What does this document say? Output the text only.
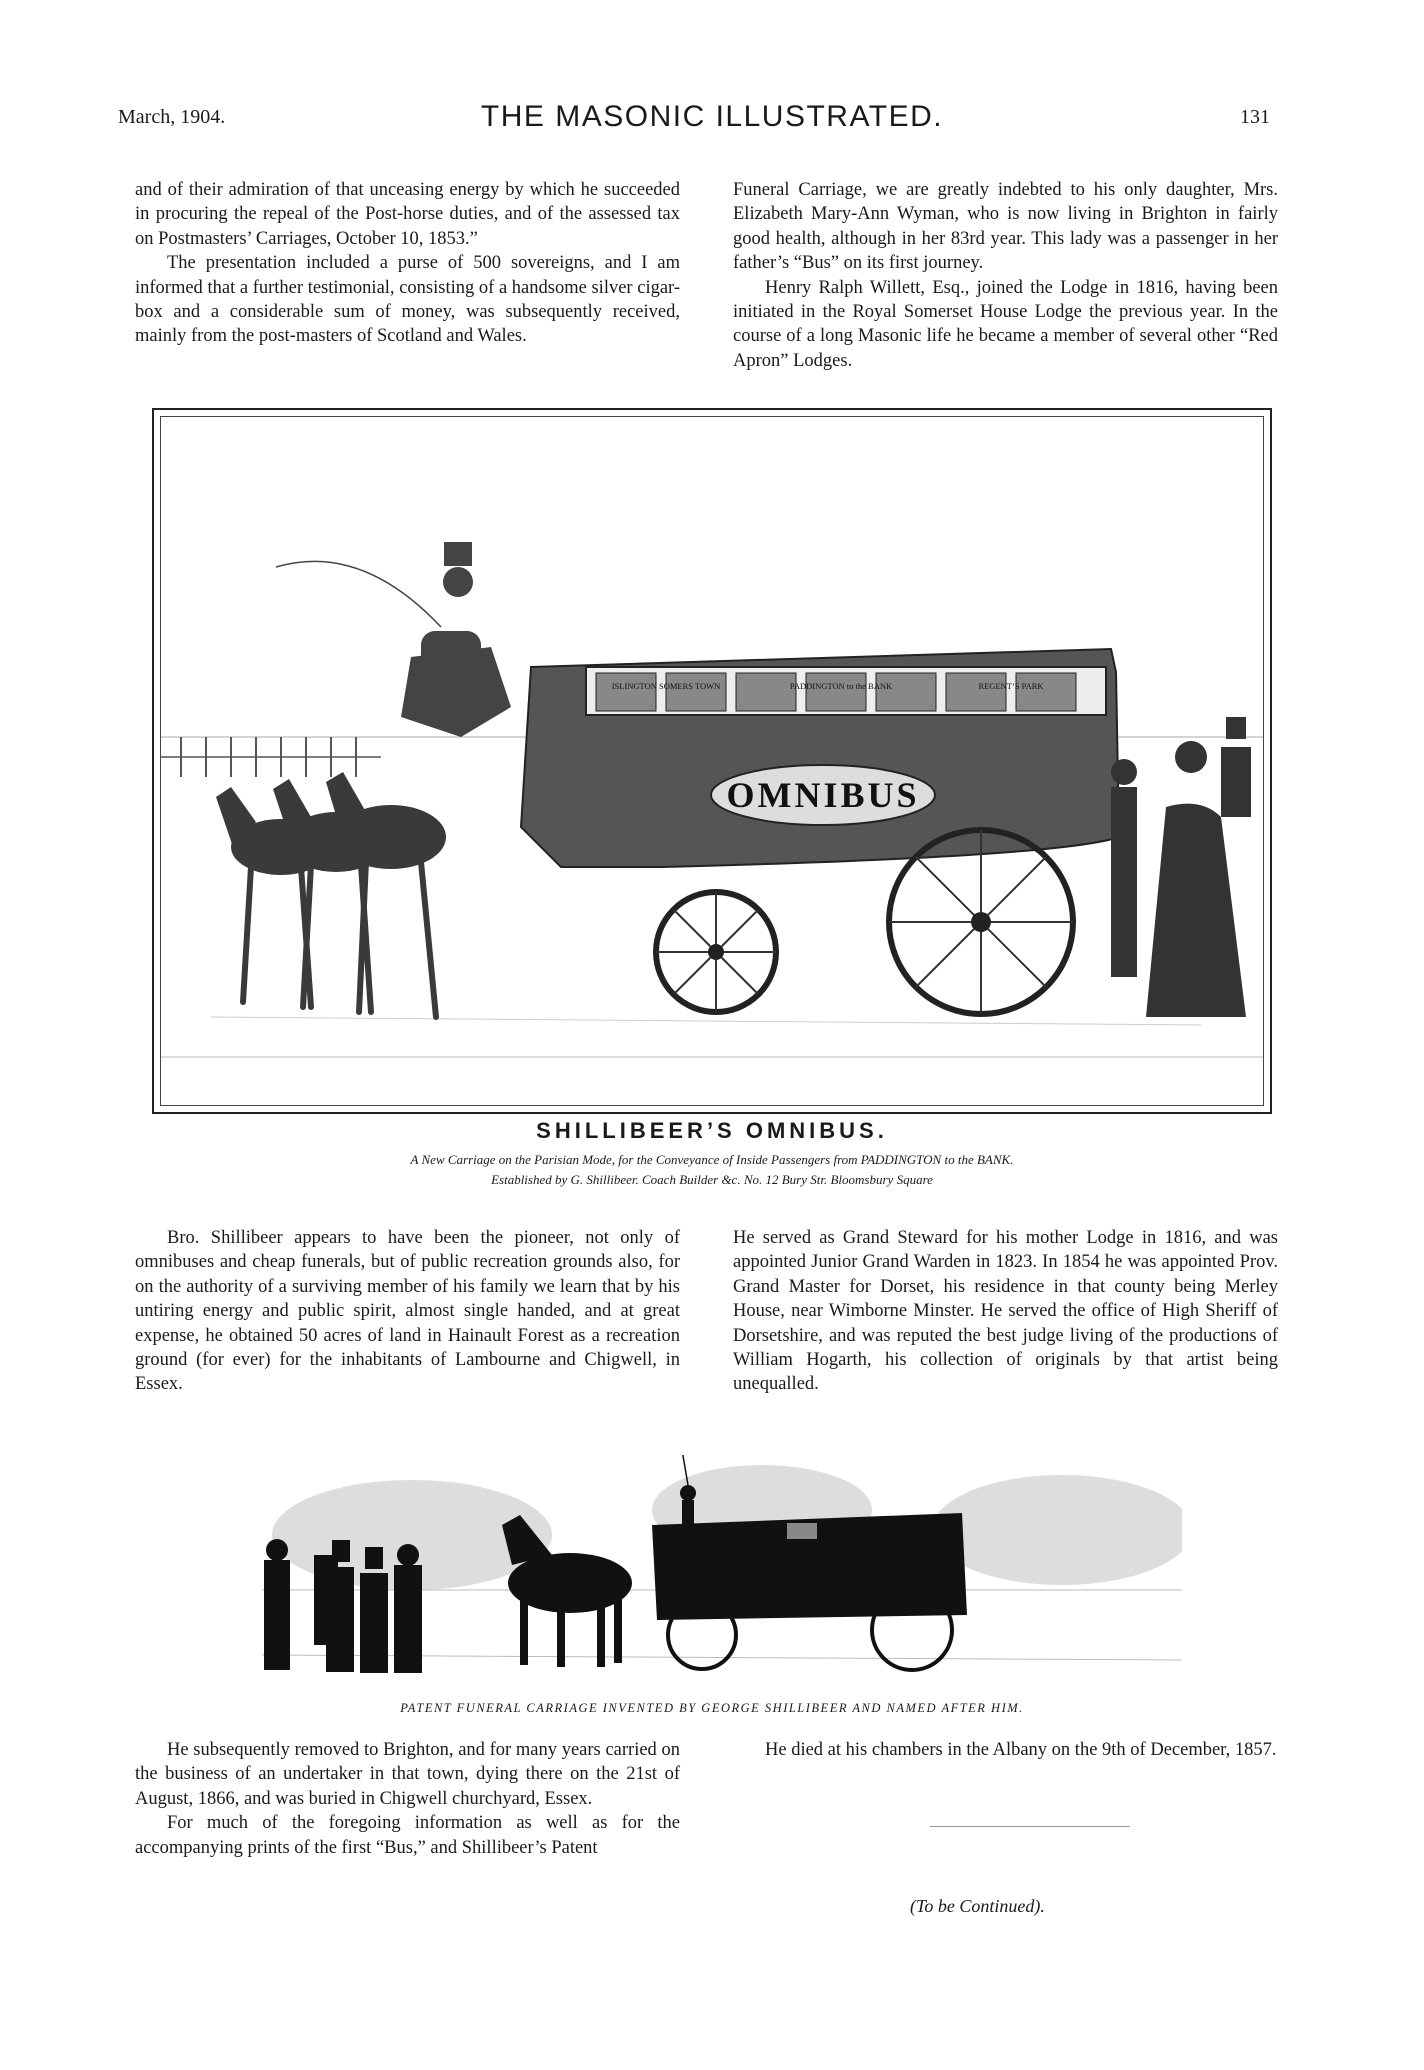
March, 1904.	THE MASONIC ILLUSTRATED.	131

and of their admiration of that unceasing energy by which he succeeded in procuring the repeal of the Post-horse duties, and of the assessed tax on Postmasters’ Carriages, October 10, 1853.”

The presentation included a purse of 500 sovereigns, and I am informed that a further testimonial, consisting of a handsome silver cigar-box and a considerable sum of money, was subsequently received, mainly from the post-masters of Scotland and Wales.

Funeral Carriage, we are greatly indebted to his only daughter, Mrs. Elizabeth Mary-Ann Wyman, who is now living in Brighton in fairly good health, although in her 83rd year. This lady was a passenger in her father’s “Bus” on its first journey.

Henry Ralph Willett, Esq., joined the Lodge in 1816, having been initiated in the Royal Somerset House Lodge the previous year. In the course of a long Masonic life he became a member of several other “Red Apron” Lodges.

OMNIBUS
ISLINGTON SOMERS TOWN	PADDINGTON to the BANK	REGENT’S PARK
SHILLIBEER’S OMNIBUS.
A New Carriage on the Parisian Mode, for the Conveyance of Inside Passengers from PADDINGTON to the BANK.
Established by G. Shillibeer. Coach Builder &c. No. 12 Bury Str. Bloomsbury Square

Bro. Shillibeer appears to have been the pioneer, not only of omnibuses and cheap funerals, but of public recreation grounds also, for on the authority of a surviving member of his family we learn that by his untiring energy and public spirit, almost single handed, and at great expense, he obtained 50 acres of land in Hainault Forest as a recreation ground (for ever) for the inhabitants of Lambourne and Chigwell, in Essex.

He served as Grand Steward for his mother Lodge in 1816, and was appointed Junior Grand Warden in 1823. In 1854 he was appointed Prov. Grand Master for Dorset, his residence in that county being Merley House, near Wimborne Minster. He served the office of High Sheriff of Dorsetshire, and was reputed the best judge living of the productions of William Hogarth, his collection of originals by that artist being unequalled.

PATENT FUNERAL CARRIAGE INVENTED BY GEORGE SHILLIBEER AND NAMED AFTER HIM.

He subsequently removed to Brighton, and for many years carried on the business of an undertaker in that town, dying there on the 21st of August, 1866, and was buried in Chigwell churchyard, Essex.

For much of the foregoing information as well as for the accompanying prints of the first “Bus,” and Shillibeer’s Patent

He died at his chambers in the Albany on the 9th of December, 1857.

(To be Continued).
